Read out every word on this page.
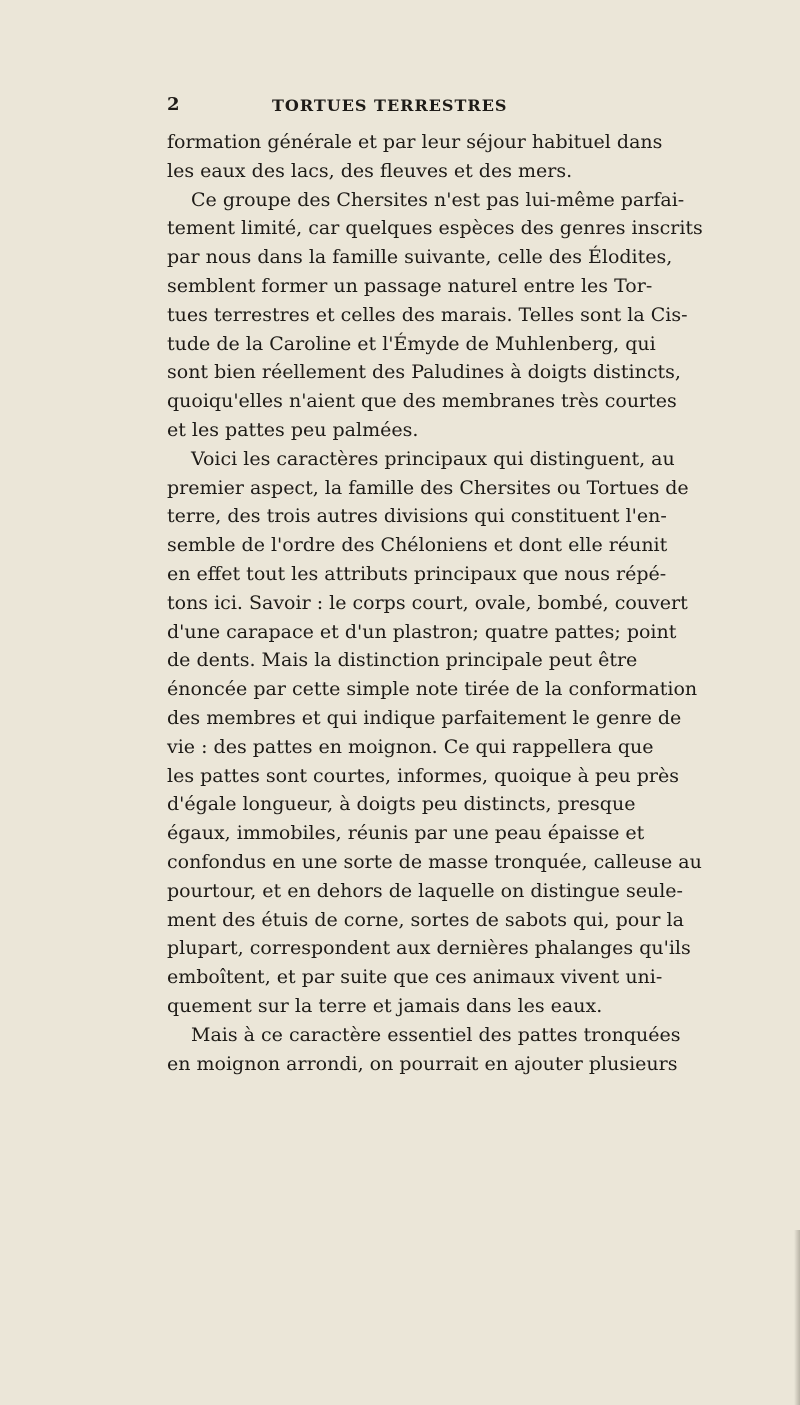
2	TORTUES TERRESTRES
formation générale et par leur séjour habituel dans
les eaux des lacs, des fleuves et des mers.
Ce groupe des Chersites n'est pas lui-même parfai-
tement limité, car quelques espèces des genres inscrits
par nous dans la famille suivante, celle des Élodites,
semblent former un passage naturel entre les Tor-
tues terrestres et celles des marais. Telles sont la Cis-
tude de la Caroline et l'Émyde de Muhlenberg, qui
sont bien réellement des Paludines à doigts distincts,
quoiqu'elles n'aient que des membranes très courtes
et les pattes peu palmées.
Voici les caractères principaux qui distinguent, au
premier aspect, la famille des Chersites ou Tortues de
terre, des trois autres divisions qui constituent l'en-
semble de l'ordre des Chéloniens et dont elle réunit
en effet tout les attributs principaux que nous répé-
tons ici. Savoir : le corps court, ovale, bombé, couvert
d'une carapace et d'un plastron; quatre pattes; point
de dents. Mais la distinction principale peut être
énoncée par cette simple note tirée de la conformation
des membres et qui indique parfaitement le genre de
vie : des pattes en moignon. Ce qui rappellera que
les pattes sont courtes, informes, quoique à peu près
d'égale longueur, à doigts peu distincts, presque
égaux, immobiles, réunis par une peau épaisse et
confondus en une sorte de masse tronquée, calleuse au
pourtour, et en dehors de laquelle on distingue seule-
ment des étuis de corne, sortes de sabots qui, pour la
plupart, correspondent aux dernières phalanges qu'ils
emboîtent, et par suite que ces animaux vivent uni-
quement sur la terre et jamais dans les eaux.
Mais à ce caractère essentiel des pattes tronquées
en moignon arrondi, on pourrait en ajouter plusieurs
